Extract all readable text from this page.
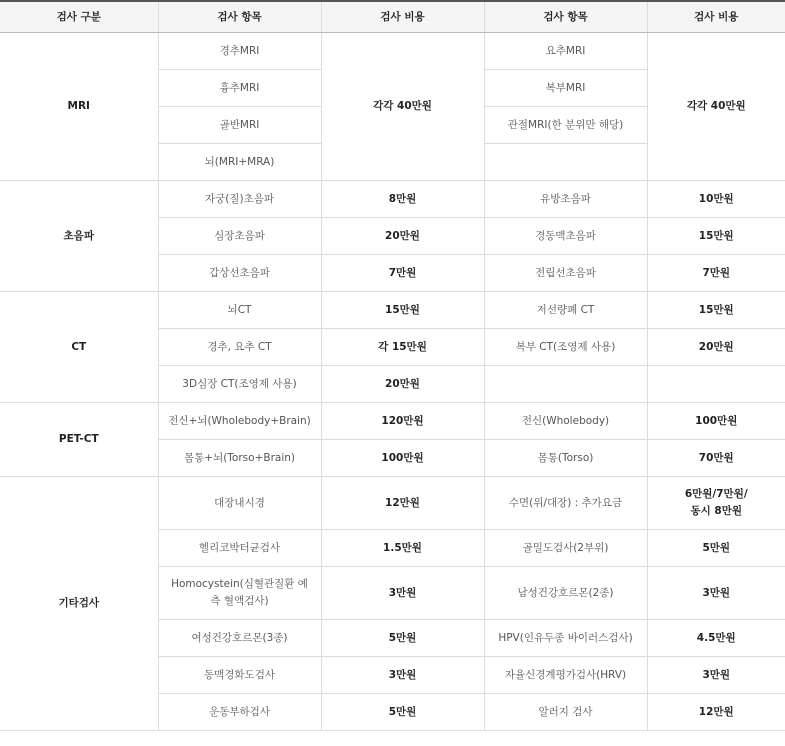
검사 구분	검사 항목	검사 비용	검사 항목	검사 비용
MRI	경추MRI	각각 40만원	요추MRI	각각 40만원
	흉추MRI		복부MRI	
	골반MRI		관절MRI(한 분위만 해당)	
	뇌(MRI+MRA)			
초음파	자궁(질)초음파	8만원	유방초음파	10만원
	심장초음파	20만원	경동맥초음파	15만원
	갑상선초음파	7만원	전립선초음파	7만원
CT	뇌CT	15만원	저선량폐 CT	15만원
	경추, 요추 CT	각 15만원	복부 CT(조영제 사용)	20만원
	3D심장 CT(조영제 사용)	20만원		
PET-CT	전신+뇌(Wholebody+Brain)	120만원	전신(Wholebody)	100만원
	몸통+뇌(Torso+Brain)	100만원	몸통(Torso)	70만원
기타검사	대장내시경	12만원	수면(위/대장) : 추가요금	6만원/7만원/
동시 8만원
	헬리코박터균검사	1.5만원	골밀도검사(2부위)	5만원
	Homocystein(심혈관질환 예측 혈액검사)	3만원	남성건강호르몬(2종)	3만원
	여성건강호르몬(3종)	5만원	HPV(인유두종 바이러스검사)	4.5만원
	동맥경화도검사	3만원	자율신경계평가검사(HRV)	3만원
	운동부하검사	5만원	알러지 검사	12만원
